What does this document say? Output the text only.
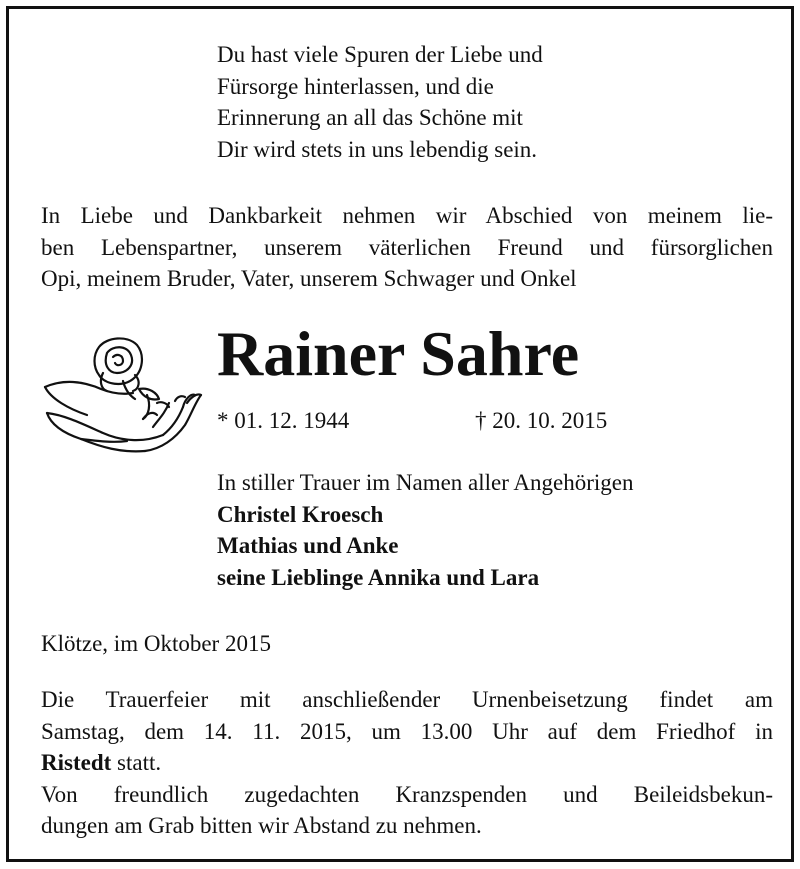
Du hast viele Spuren der Liebe und

Fürsorge hinterlassen, und die

Erinnerung an all das Schöne mit

Dir wird stets in uns lebendig sein.

In Liebe und Dankbarkeit nehmen wir Abschied von meinem lie-

ben Lebenspartner, unserem väterlichen Freund und fürsorglichen

Opi, meinem Bruder, Vater, unserem Schwager und Onkel

Rainer Sahre

* 01. 12. 1944	† 20. 10. 2015

In stiller Trauer im Namen aller Angehörigen

Christel Kroesch

Mathias und Anke

seine Lieblinge Annika und Lara

Klötze, im Oktober 2015

Die Trauerfeier mit anschließender Urnenbeisetzung findet am

Samstag, dem 14. 11. 2015, um 13.00 Uhr auf dem Friedhof in

Ristedt statt.

Von freundlich zugedachten Kranzspenden und Beileidsbekun-

dungen am Grab bitten wir Abstand zu nehmen.
